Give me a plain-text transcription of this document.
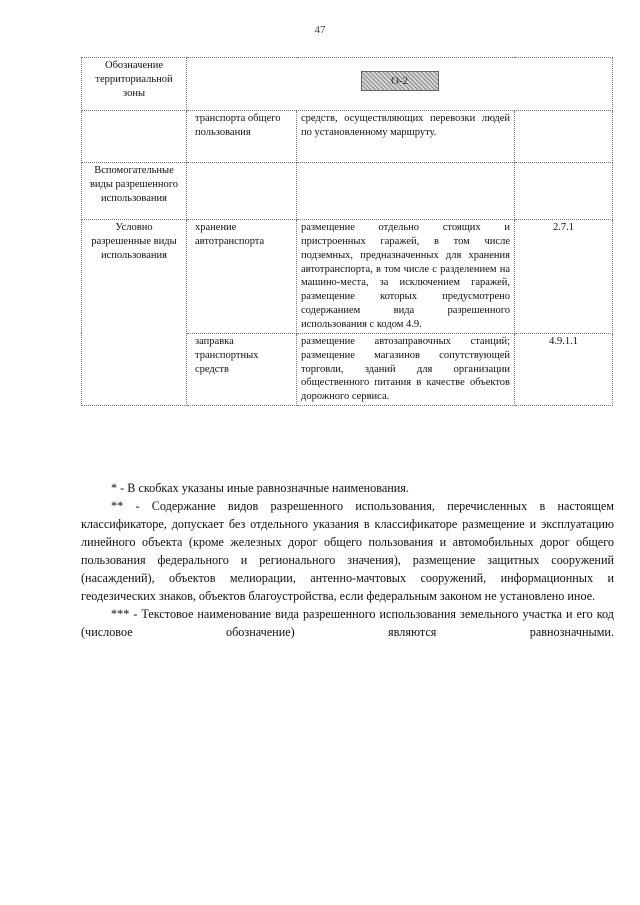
47
Обозначение территориальной зоны	О-2		
	транспорта общего пользования	средств, осуществляющих перевозки людей по установленному маршруту.	
Вспомогательные виды разрешенного использования			
Условно разрешенные виды использования	хранение автотранспорта	размещение отдельно стоящих и пристроенных гаражей, в том числе подземных, предназначенных для хранения автотранспорта, в том числе с разделением на машино-места, за исключением гаражей, размещение которых предусмотрено содержанием вида разрешенного использования с кодом 4.9.	2.7.1
	заправка транспортных средств	размещение автозаправочных станций; размещение магазинов сопутствующей торговли, зданий для организации общественного питания в качестве объектов дорожного сервиса.	4.9.1.1

* - В скобках указаны иные равнозначные наименования.

** - Содержание видов разрешенного использования, перечисленных в настоящем классификаторе, допускает без отдельного указания в классификаторе размещение и эксплуатацию линейного объекта (кроме железных дорог общего пользования и автомобильных дорог общего пользования федерального и регионального значения), размещение защитных сооружений (насаждений), объектов мелиорации, антенно-мачтовых сооружений, информационных и геодезических знаков, объектов благоустройства, если федеральным законом не установлено иное.

*** - Текстовое наименование вида разрешенного использования земельного участка и его код (числовое обозначение) являются равнозначными.
